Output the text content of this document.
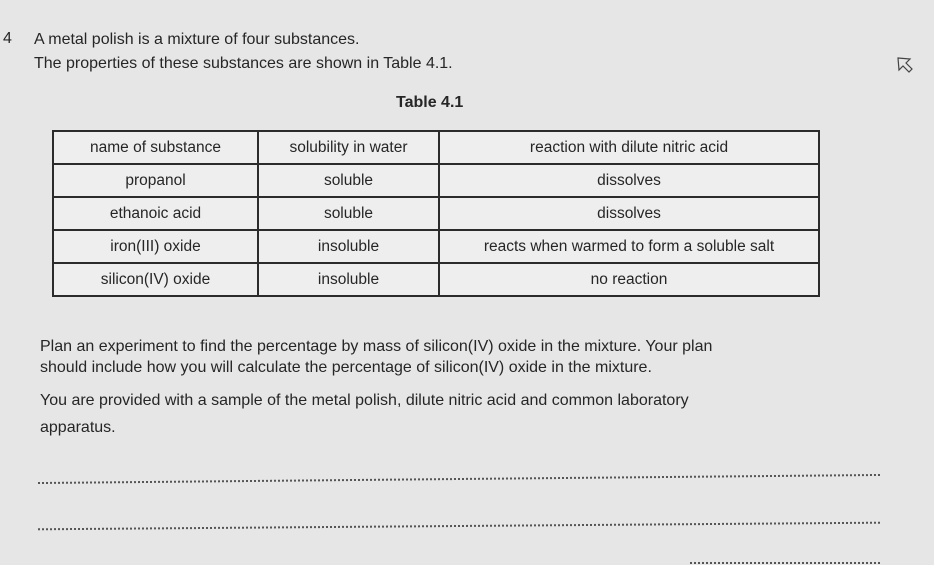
4 A metal polish is a mixture of four substances.
The properties of these substances are shown in Table 4.1.
Table 4.1
name of substance	solubility in water	reaction with dilute nitric acid
propanol	soluble	dissolves
ethanoic acid	soluble	dissolves
iron(III) oxide	insoluble	reacts when warmed to form a soluble salt
silicon(IV) oxide	insoluble	no reaction
Plan an experiment to find the percentage by mass of silicon(IV) oxide in the mixture. Your plan
should include how you will calculate the percentage of silicon(IV) oxide in the mixture.
You are provided with a sample of the metal polish, dilute nitric acid and common laboratory
apparatus.
